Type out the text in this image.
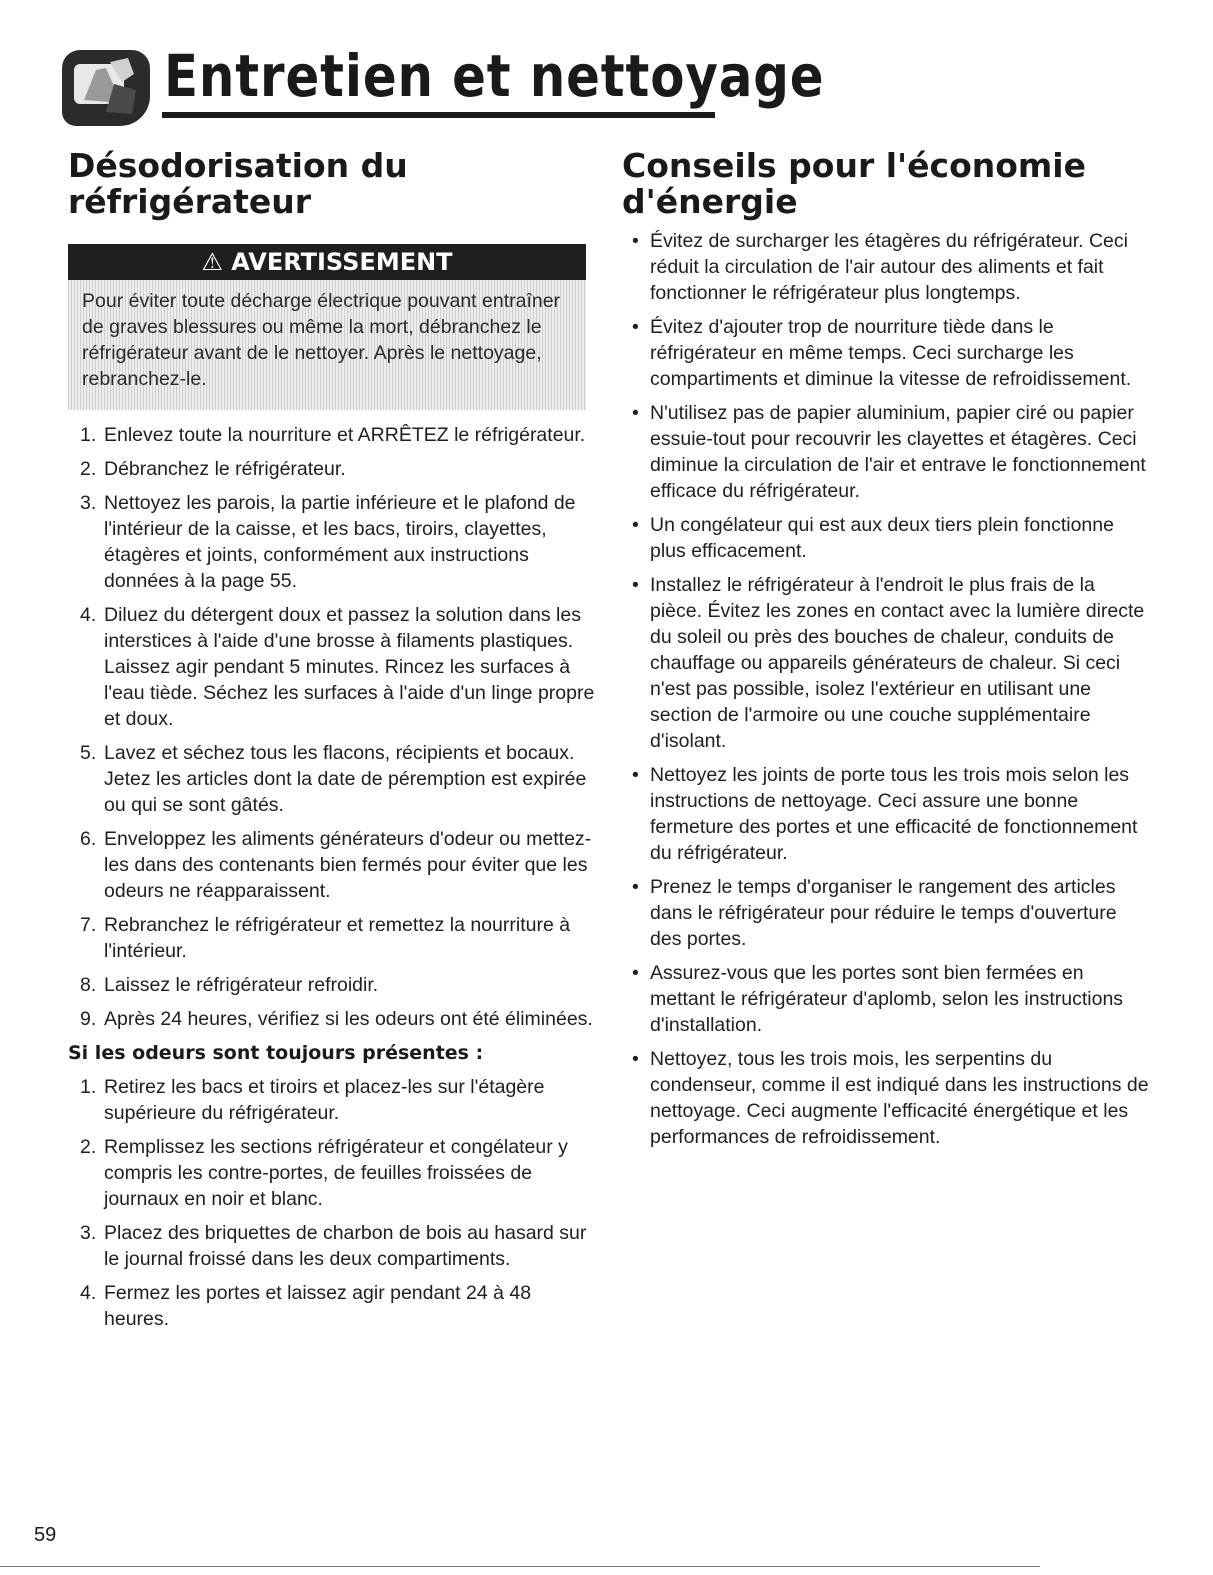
Entretien et nettoyage
Désodorisation du
réfrigérateur
⚠ AVERTISSEMENT
Pour éviter toute décharge électrique pouvant entraîner de graves blessures ou même la mort, débranchez le réfrigérateur avant de le nettoyer. Après le nettoyage, rebranchez-le.
1. Enlevez toute la nourriture et ARRÊTEZ le réfrigérateur.
2. Débranchez le réfrigérateur.
3. Nettoyez les parois, la partie inférieure et le plafond de l'intérieur de la caisse, et les bacs, tiroirs, clayettes, étagères et joints, conformément aux instructions données à la page 55.
4. Diluez du détergent doux et passez la solution dans les interstices à l'aide d'une brosse à filaments plastiques. Laissez agir pendant 5 minutes. Rincez les surfaces à l'eau tiède. Séchez les surfaces à l'aide d'un linge propre et doux.
5. Lavez et séchez tous les flacons, récipients et bocaux. Jetez les articles dont la date de péremption est expirée ou qui se sont gâtés.
6. Enveloppez les aliments générateurs d'odeur ou mettez-les dans des contenants bien fermés pour éviter que les odeurs ne réapparaissent.
7. Rebranchez le réfrigérateur et remettez la nourriture à l'intérieur.
8. Laissez le réfrigérateur refroidir.
9. Après 24 heures, vérifiez si les odeurs ont été éliminées.
Si les odeurs sont toujours présentes :
1. Retirez les bacs et tiroirs et placez-les sur l'étagère supérieure du réfrigérateur.
2. Remplissez les sections réfrigérateur et congélateur y compris les contre-portes, de feuilles froissées de journaux en noir et blanc.
3. Placez des briquettes de charbon de bois au hasard sur le journal froissé dans les deux compartiments.
4. Fermez les portes et laissez agir pendant 24 à 48 heures.
Conseils pour l'économie
d'énergie
• Évitez de surcharger les étagères du réfrigérateur. Ceci réduit la circulation de l'air autour des aliments et fait fonctionner le réfrigérateur plus longtemps.
• Évitez d'ajouter trop de nourriture tiède dans le réfrigérateur en même temps. Ceci surcharge les compartiments et diminue la vitesse de refroidissement.
• N'utilisez pas de papier aluminium, papier ciré ou papier essuie-tout pour recouvrir les clayettes et étagères. Ceci diminue la circulation de l'air et entrave le fonctionnement efficace du réfrigérateur.
• Un congélateur qui est aux deux tiers plein fonctionne plus efficacement.
• Installez le réfrigérateur à l'endroit le plus frais de la pièce. Évitez les zones en contact avec la lumière directe du soleil ou près des bouches de chaleur, conduits de chauffage ou appareils générateurs de chaleur. Si ceci n'est pas possible, isolez l'extérieur en utilisant une section de l'armoire ou une couche supplémentaire d'isolant.
• Nettoyez les joints de porte tous les trois mois selon les instructions de nettoyage. Ceci assure une bonne fermeture des portes et une efficacité de fonctionnement du réfrigérateur.
• Prenez le temps d'organiser le rangement des articles dans le réfrigérateur pour réduire le temps d'ouverture des portes.
• Assurez-vous que les portes sont bien fermées en mettant le réfrigérateur d'aplomb, selon les instructions d'installation.
• Nettoyez, tous les trois mois, les serpentins du condenseur, comme il est indiqué dans les instructions de nettoyage. Ceci augmente l'efficacité énergétique et les performances de refroidissement.
59
